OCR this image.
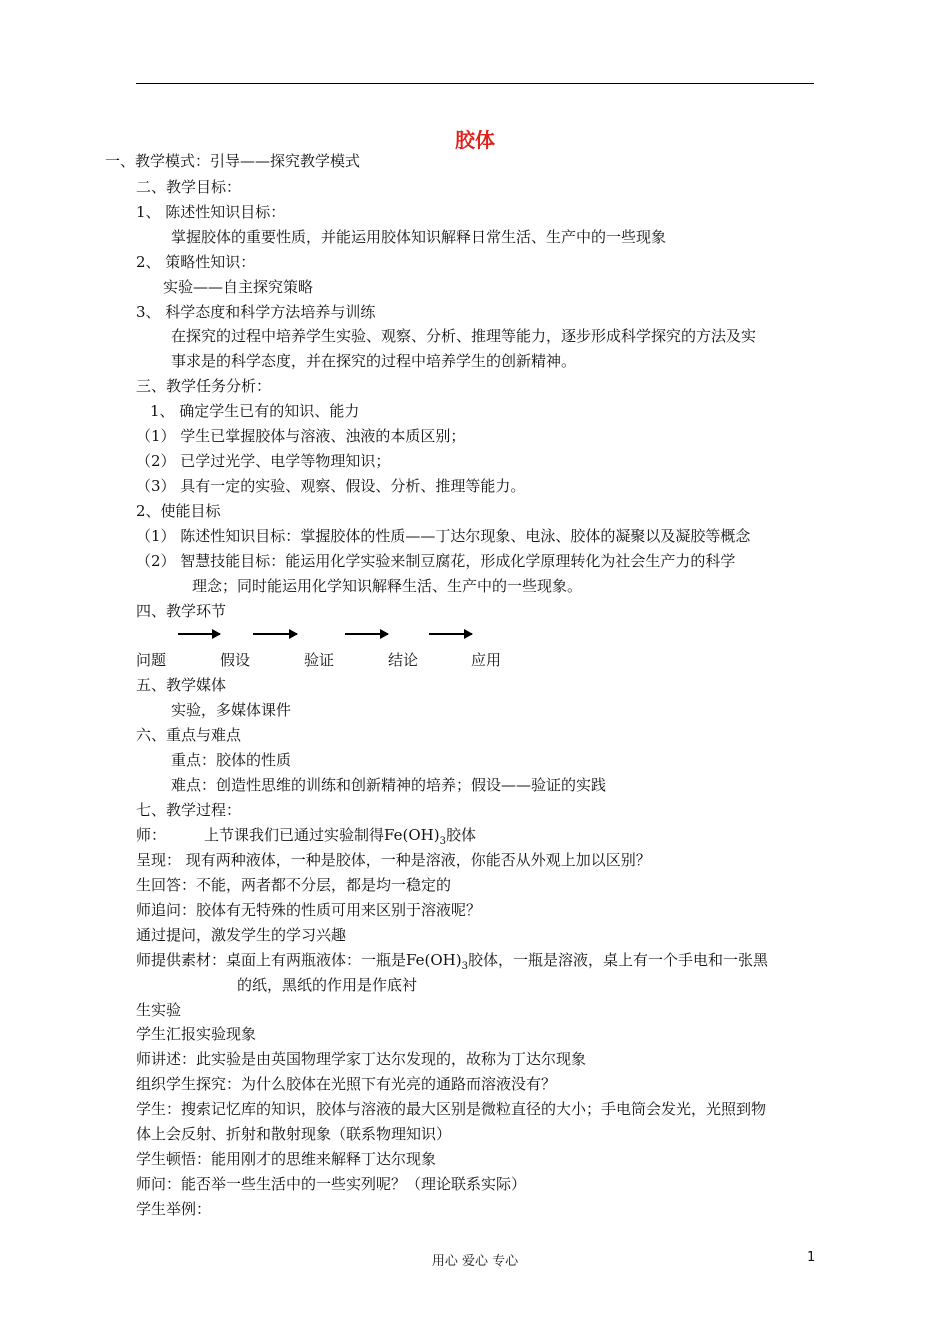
胶体
一、教学模式：引导——探究教学模式
二、教学目标：
1、 陈述性知识目标：
掌握胶体的重要性质，并能运用胶体知识解释日常生活、生产中的一些现象
2、 策略性知识：
实验——自主探究策略
3、 科学态度和科学方法培养与训练
在探究的过程中培养学生实验、观察、分析、推理等能力，逐步形成科学探究的方法及实
事求是的科学态度，并在探究的过程中培养学生的创新精神。
三、教学任务分析：
1、 确定学生已有的知识、能力
（1） 学生已掌握胶体与溶液、浊液的本质区别；
（2） 已学过光学、电学等物理知识；
（3） 具有一定的实验、观察、假设、分析、推理等能力。
2、使能目标
（1） 陈述性知识目标：掌握胶体的性质——丁达尔现象、电泳、胶体的凝聚以及凝胶等概念
（2） 智慧技能目标：能运用化学实验来制豆腐花，形成化学原理转化为社会生产力的科学
理念；同时能运用化学知识解释生活、生产中的一些现象。
四、教学环节
问题	假设	验证	结论	应用
五、教学媒体
实验，多媒体课件
六、重点与难点
重点：胶体的性质
难点：创造性思维的训练和创新精神的培养；假设——验证的实践
七、教学过程：
师：	上节课我们已通过实验制得$Fe(OH)_3$胶体
呈现： 现有两种液体，一种是胶体，一种是溶液，你能否从外观上加以区别？
生回答：不能，两者都不分层，都是均一稳定的
师追问：胶体有无特殊的性质可用来区别于溶液呢？
通过提问，激发学生的学习兴趣
师提供素材：桌面上有两瓶液体：一瓶是$Fe(OH)_3$胶体，一瓶是溶液，桌上有一个手电和一张黑
的纸，黑纸的作用是作底衬
生实验
学生汇报实验现象
师讲述：此实验是由英国物理学家丁达尔发现的，故称为丁达尔现象
组织学生探究：为什么胶体在光照下有光亮的通路而溶液没有？
学生：搜索记忆库的知识，胶体与溶液的最大区别是微粒直径的大小；手电筒会发光，光照到物
体上会反射、折射和散射现象（联系物理知识）
学生顿悟：能用刚才的思维来解释丁达尔现象
师问：能否举一些生活中的一些实列呢？（理论联系实际）
学生举例：
用心 爱心 专心	1
